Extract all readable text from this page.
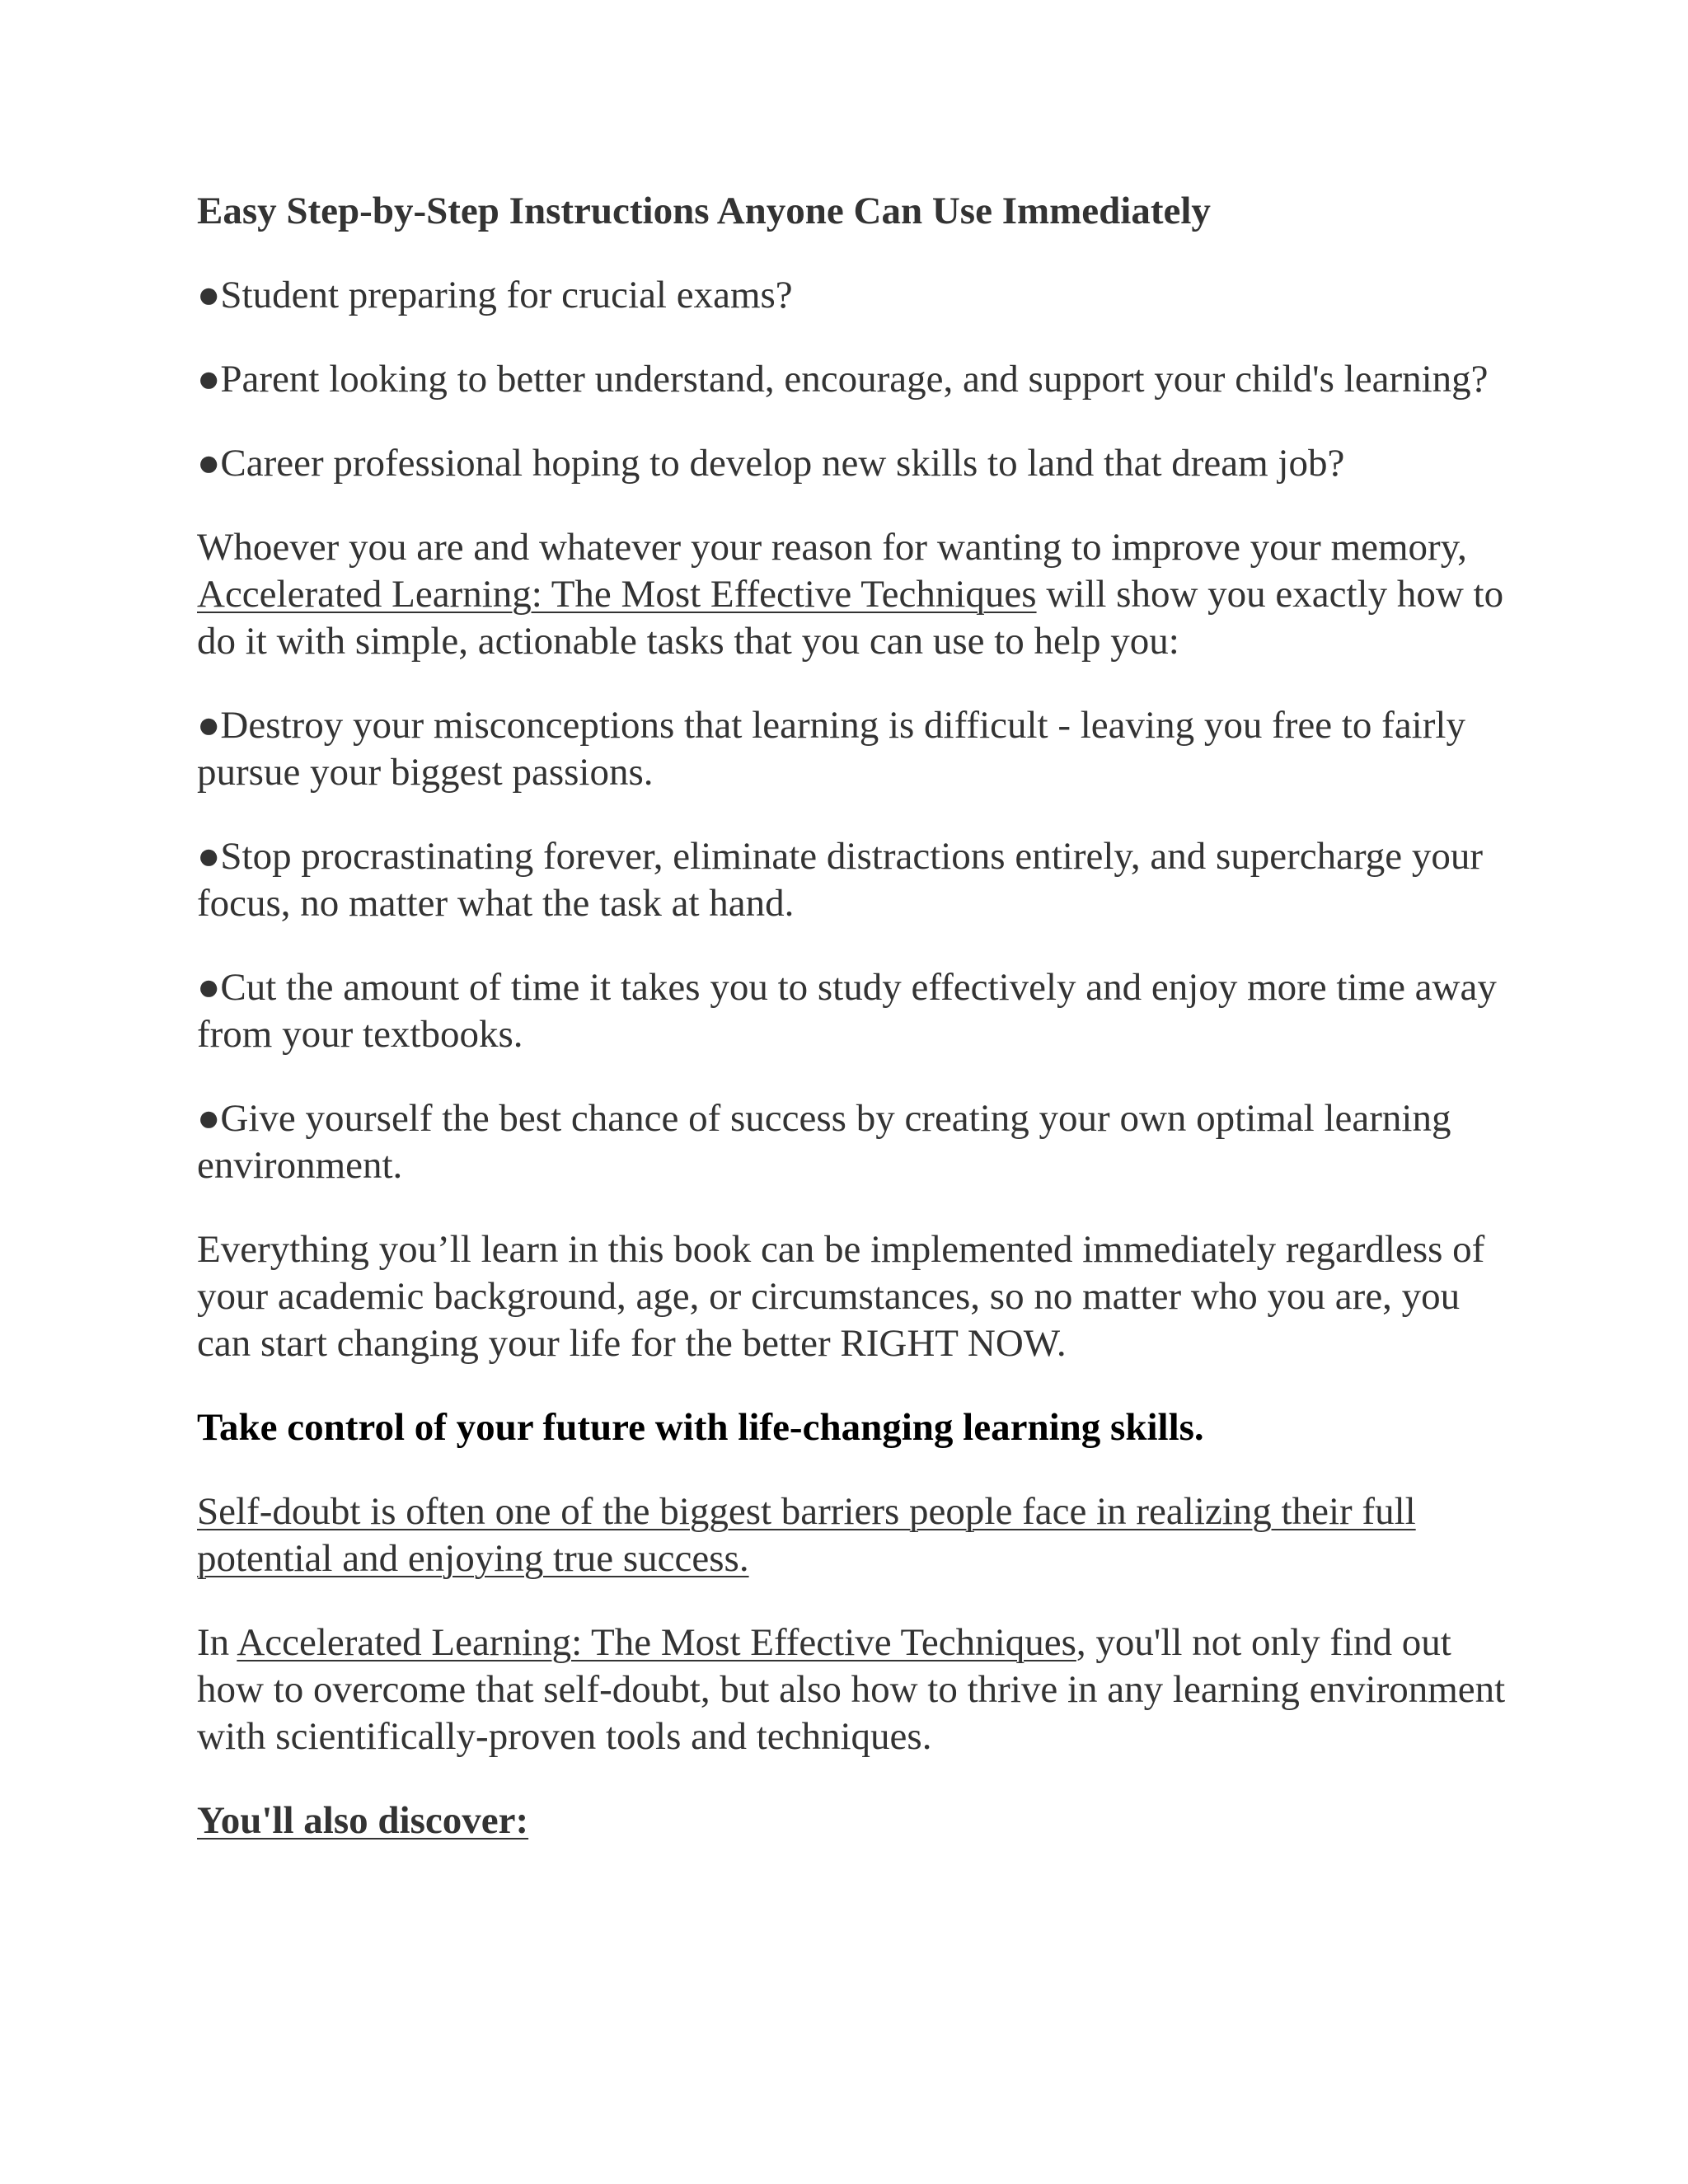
Easy Step-by-Step Instructions Anyone Can Use Immediately

●Student preparing for crucial exams?

●Parent looking to better understand, encourage, and support your child's learning?

●Career professional hoping to develop new skills to land that dream job?

Whoever you are and whatever your reason for wanting to improve your memory, Accelerated Learning: The Most Effective Techniques will show you exactly how to do it with simple, actionable tasks that you can use to help you:

●Destroy your misconceptions that learning is difficult - leaving you free to fairly pursue your biggest passions.

●Stop procrastinating forever, eliminate distractions entirely, and supercharge your focus, no matter what the task at hand.

●Cut the amount of time it takes you to study effectively and enjoy more time away from your textbooks.

●Give yourself the best chance of success by creating your own optimal learning environment.

Everything you’ll learn in this book can be implemented immediately regardless of your academic background, age, or circumstances, so no matter who you are, you can start changing your life for the better RIGHT NOW.

Take control of your future with life-changing learning skills.

Self-doubt is often one of the biggest barriers people face in realizing their full potential and enjoying true success.

In Accelerated Learning: The Most Effective Techniques, you'll not only find out how to overcome that self-doubt, but also how to thrive in any learning environment with scientifically-proven tools and techniques.

You'll also discover:
